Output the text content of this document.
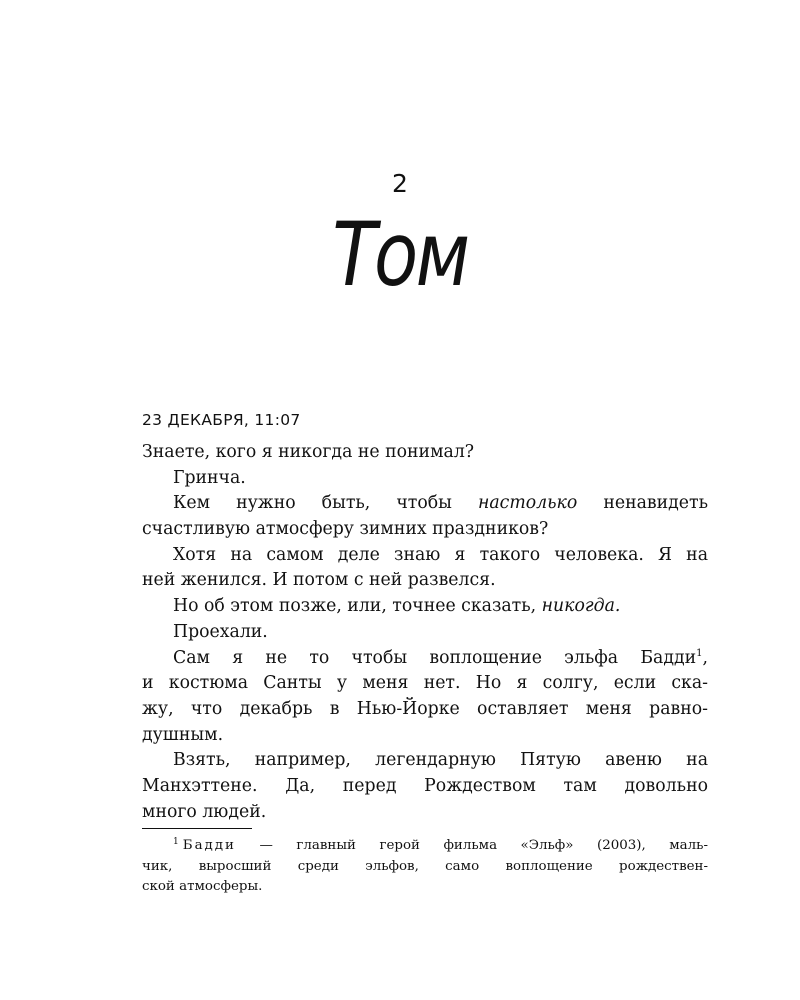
2
Том
23 ДЕКАБРЯ, 11:07
Знаете, кого я никогда не понимал?
Гринча.
Кем нужно быть, чтобы настолько ненавидеть
счастливую атмосферу зимних праздников?
Хотя на самом деле знаю я такого человека. Я на
ней женился. И потом с ней развелся.
Но об этом позже, или, точнее сказать, никогда.
Проехали.
Сам я не то чтобы воплощение эльфа Бадди$^1$,
и костюма Санты у меня нет. Но я солгу, если ска-
жу, что декабрь в Нью-Йорке оставляет меня равно-
душным.
Взять, например, легендарную Пятую авеню на
Манхэттене. Да, перед Рождеством там довольно
много людей.
$^1$ Бадди — главный герой фильма «Эльф» (2003), маль-
чик, выросший среди эльфов, само воплощение рождествен-
ской атмосферы.
